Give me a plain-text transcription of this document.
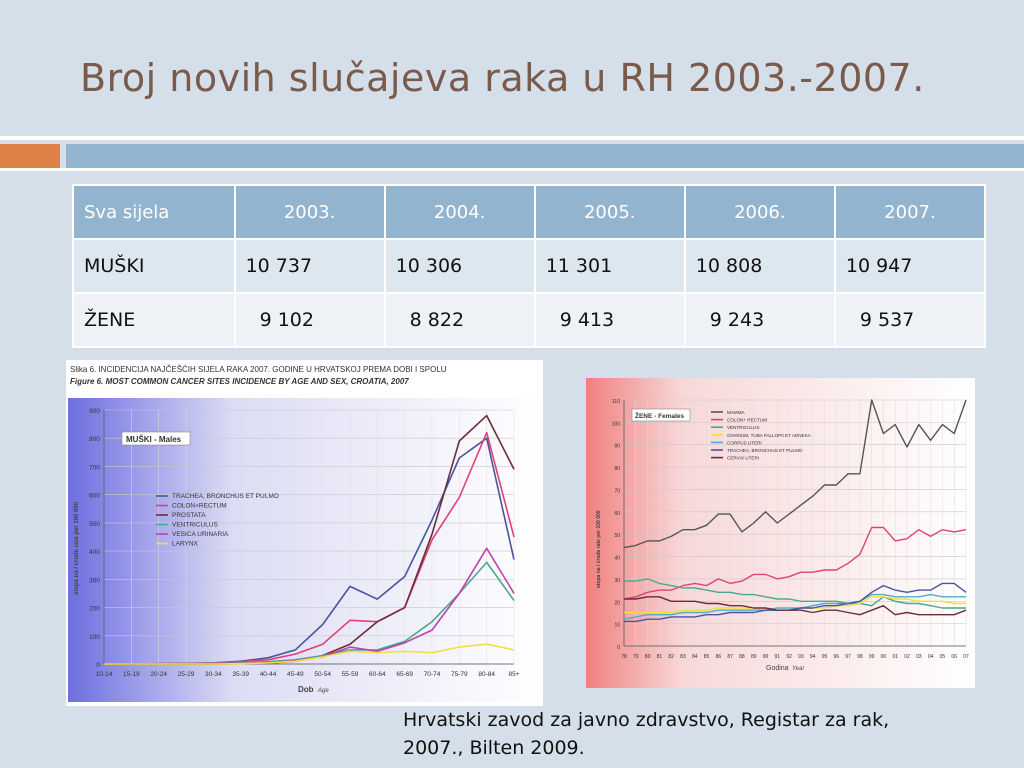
Broj novih slučajeva raka u RH 2003.-2007.
Sva sijela	2003.	2004.	2005.	2006.	2007.
MUŠKI	10 737	10 306	11 301	10 808	10 947
ŽENE	9 102	8 822	9 413	9 243	9 537
Slika 6. INCIDENCIJA NAJČEŠĆIH SIJELA RAKA 2007. GODINE U HRVATSKOJ PREMA DOBI I SPOLU
Figure 6. MOST COMMON CANCER SITES INCIDENCE BY AGE AND SEX, CROATIA, 2007
0
100
200
300
400
500
600
700
800
900
10-14 15-19 20-24 25-29 30-34 35-39 40-44 45-49 50-54 55-59 60-64 65-69 70-74 75-79 80-84 85+
MUŠKI - Males
TRACHEA, BRONCHUS ET PULMO
COLON+RECTUM
PROSTATA
VENTRICULUS
VESICA URINARIA
LARYNX
stopa na / crude rate per 100 000
Dob Age
0
10
20
30
40
50
60
70
80
90
100
110
78 79 80 81 82 83 84 85 86 87 88 89 90 91 92 93 94 95 96 97 98 99 00 01 02 03 04 05 06 07
ŽENE - Females
MAMMA
COLON+ RECTUM
VENTRICULUS
OVARIUM, TUBA FALLOPII ET ADNEKA
CORPUS UTERI
TRACHEA, BRONCHUS ET PULMO
CERVIX UTERI
stopa na / crude rate per 100 000
Godina Year
Hrvatski zavod za javno zdravstvo, Registar za rak,
2007., Bilten 2009.
